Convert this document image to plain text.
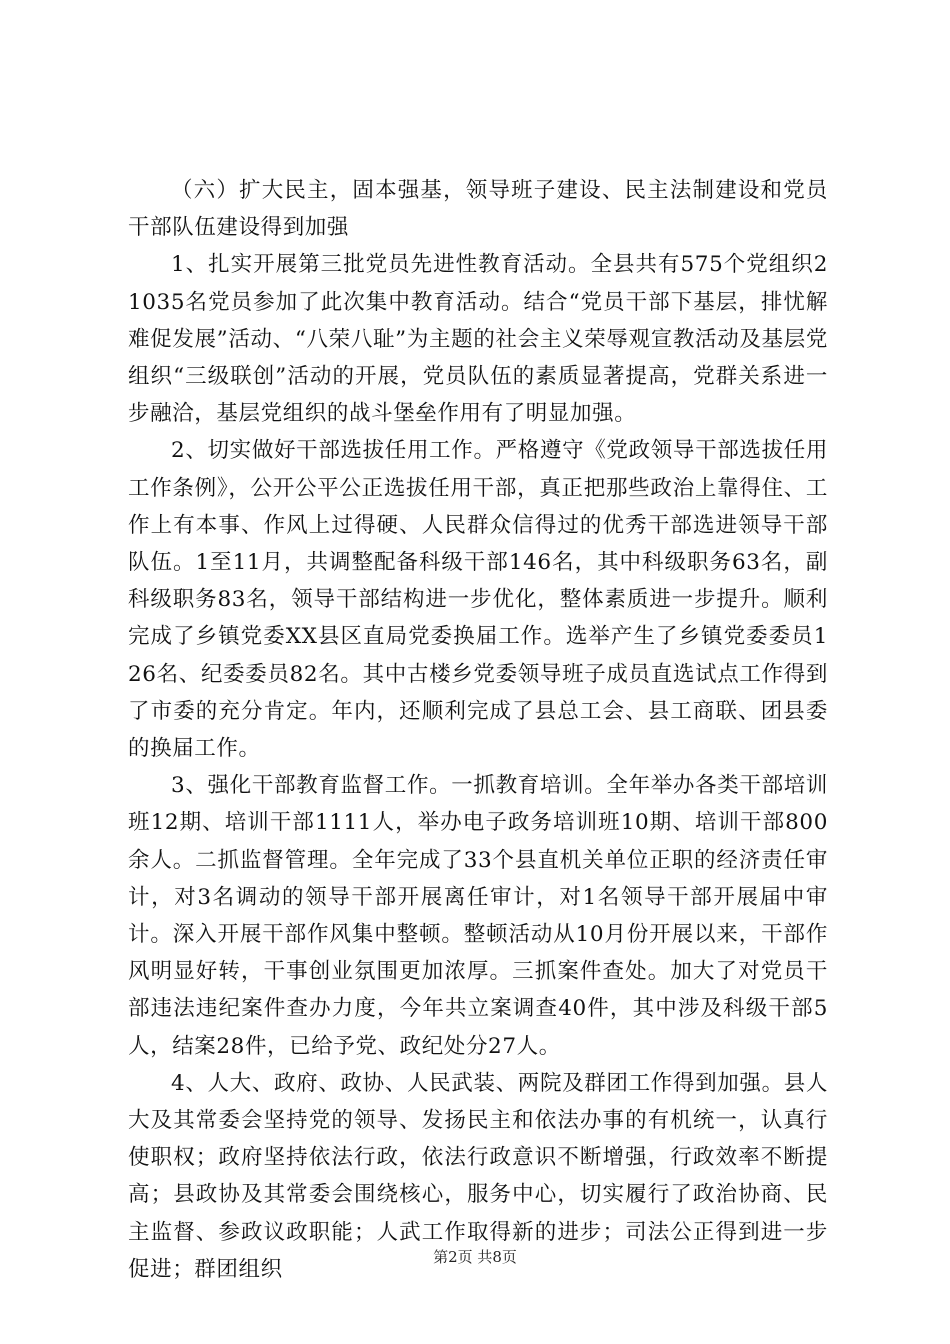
（六）扩大民主，固本强基，领导班子建设、民主法制建设和党员干部队伍建设得到加强

1、扎实开展第三批党员先进性教育活动。全县共有575个党组织21035名党员参加了此次集中教育活动。结合“党员干部下基层，排忧解难促发展”活动、“八荣八耻”为主题的社会主义荣辱观宣教活动及基层党组织“三级联创”活动的开展，党员队伍的素质显著提高，党群关系进一步融洽，基层党组织的战斗堡垒作用有了明显加强。

2、切实做好干部选拔任用工作。严格遵守《党政领导干部选拔任用工作条例》，公开公平公正选拔任用干部，真正把那些政治上靠得住、工作上有本事、作风上过得硬、人民群众信得过的优秀干部选进领导干部队伍。1至11月，共调整配备科级干部146名，其中科级职务63名，副科级职务83名，领导干部结构进一步优化，整体素质进一步提升。顺利完成了乡镇党委XX县区直局党委换届工作。选举产生了乡镇党委委员126名、纪委委员82名。其中古楼乡党委领导班子成员直选试点工作得到了市委的充分肯定。年内，还顺利完成了县总工会、县工商联、团县委的换届工作。

3、强化干部教育监督工作。一抓教育培训。全年举办各类干部培训班12期、培训干部1111人，举办电子政务培训班10期、培训干部800余人。二抓监督管理。全年完成了33个县直机关单位正职的经济责任审计，对3名调动的领导干部开展离任审计，对1名领导干部开展届中审计。深入开展干部作风集中整顿。整顿活动从10月份开展以来，干部作风明显好转，干事创业氛围更加浓厚。三抓案件查处。加大了对党员干部违法违纪案件查办力度，今年共立案调查40件，其中涉及科级干部5人，结案28件，已给予党、政纪处分27人。

4、人大、政府、政协、人民武装、两院及群团工作得到加强。县人大及其常委会坚持党的领导、发扬民主和依法办事的有机统一，认真行使职权；政府坚持依法行政，依法行政意识不断增强，行政效率不断提高；县政协及其常委会围绕核心，服务中心，切实履行了政治协商、民主监督、参政议政职能；人武工作取得新的进步；司法公正得到进一步促进；群团组织	第2页 共8页
